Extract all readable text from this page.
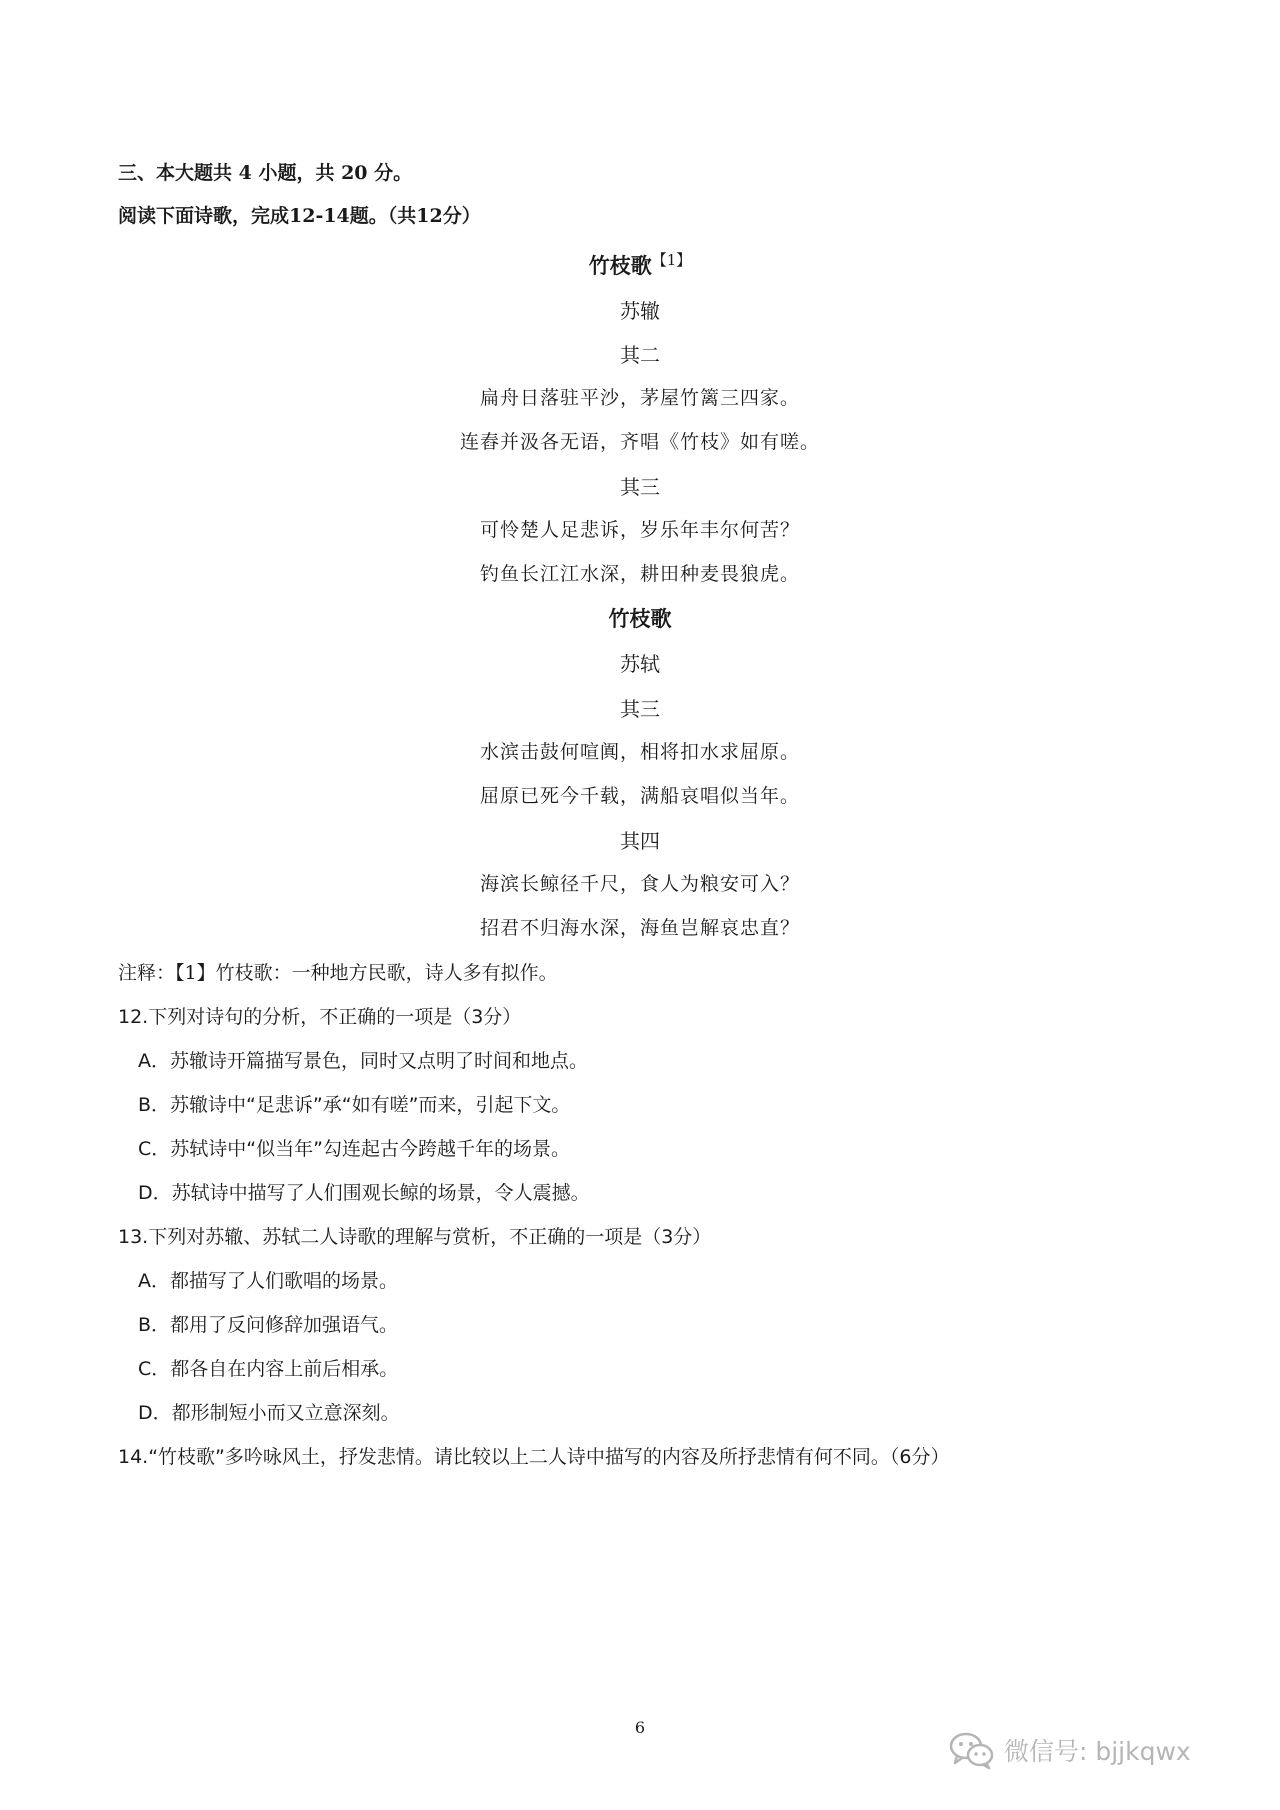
三、本大题共 4 小题，共 20 分。
阅读下面诗歌，完成12-14题。（共12分）
竹枝歌$^{【1】}$
苏辙
其二
扁舟日落驻平沙，茅屋竹篱三四家。
连舂并汲各无语，齐唱《竹枝》如有嗟。
其三
可怜楚人足悲诉，岁乐年丰尔何苦？
钓鱼长江江水深，耕田种麦畏狼虎。
竹枝歌
苏轼
其三
水滨击鼓何喧阗，相将扣水求屈原。
屈原已死今千载，满船哀唱似当年。
其四
海滨长鲸径千尺，食人为粮安可入？
招君不归海水深，海鱼岂解哀忠直？
注释：【1】竹枝歌：一种地方民歌，诗人多有拟作。
12.下列对诗句的分析，不正确的一项是（3分）
A．苏辙诗开篇描写景色，同时又点明了时间和地点。
B．苏辙诗中“足悲诉”承“如有嗟”而来，引起下文。
C．苏轼诗中“似当年”勾连起古今跨越千年的场景。
D．苏轼诗中描写了人们围观长鲸的场景，令人震撼。
13.下列对苏辙、苏轼二人诗歌的理解与赏析，不正确的一项是（3分）
A．都描写了人们歌唱的场景。
B．都用了反问修辞加强语气。
C．都各自在内容上前后相承。
D．都形制短小而又立意深刻。
14.“竹枝歌”多吟咏风土，抒发悲情。请比较以上二人诗中描写的内容及所抒悲情有何不同。（6分）
6
微信号: bjjkqwx
